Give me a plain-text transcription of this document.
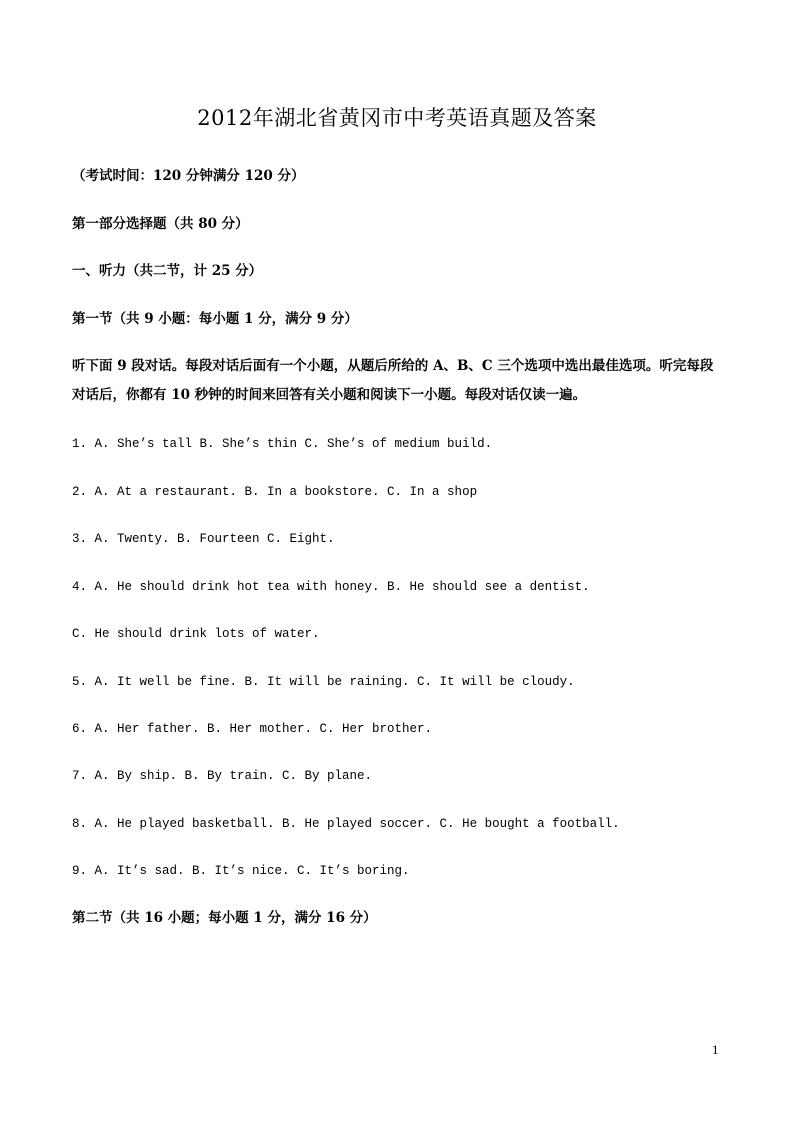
2012年湖北省黄冈市中考英语真题及答案
（考试时间：120 分钟满分 120 分）
第一部分选择题（共 80 分）
一、听力（共二节，计 25 分）
第一节（共 9 小题：每小题 1 分，满分 9 分）
听下面 9 段对话。每段对话后面有一个小题，从题后所给的 A、B、C 三个选项中选出最佳选项。听完每段对话后，你都有 10 秒钟的时间来回答有关小题和阅读下一小题。每段对话仅读一遍。
1. A. She’s tall B. She’s thin C. She’s of medium build.
2. A. At a restaurant. B. In a bookstore. C. In a shop
3. A. Twenty. B. Fourteen C. Eight.
4. A. He should drink hot tea with honey. B. He should see a dentist.
C. He should drink lots of water.
5. A. It well be fine. B. It will be raining. C. It will be cloudy.
6. A. Her father. B. Her mother. C. Her brother.
7. A. By ship. B. By train. C. By plane.
8. A. He played basketball. B. He played soccer. C. He bought a football.
9. A. It’s sad. B. It’s nice. C. It’s boring.
第二节（共 16 小题；每小题 1 分，满分 16 分）
1
